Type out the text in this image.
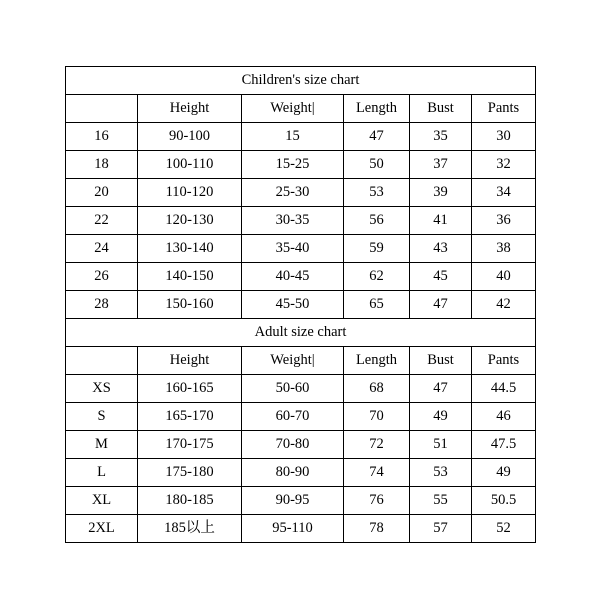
Children's size chart					
	Height	Weight|	Length	Bust	Pants
16	90-100	15	47	35	30
18	100-110	15-25	50	37	32
20	110-120	25-30	53	39	34
22	120-130	30-35	56	41	36
24	130-140	35-40	59	43	38
26	140-150	40-45	62	45	40
28	150-160	45-50	65	47	42
Adult size chart					
	Height	Weight|	Length	Bust	Pants
XS	160-165	50-60	68	47	44.5
S	165-170	60-70	70	49	46
M	170-175	70-80	72	51	47.5
L	175-180	80-90	74	53	49
XL	180-185	90-95	76	55	50.5
2XL	185以上	95-110	78	57	52
